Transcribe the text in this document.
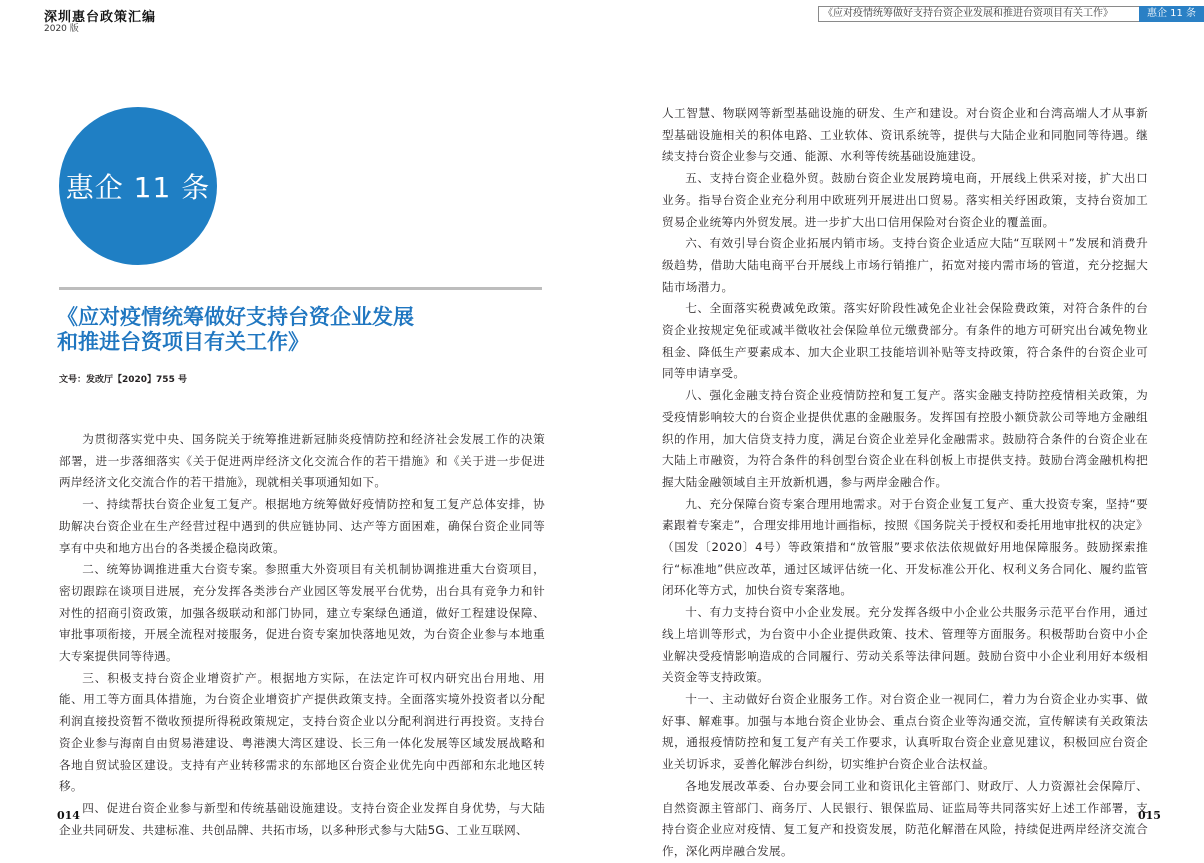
深圳惠台政策汇编
2020 版
惠企 11 条
《应对疫情统筹做好支持台资企业发展
和推进台资项目有关工作》
文号：发改厅【2020】755 号

为贯彻落实党中央、国务院关于统筹推进新冠肺炎疫情防控和经济社会发展工作的决策部署，进一步落细落实《关于促进两岸经济文化交流合作的若干措施》和《关于进一步促进两岸经济文化交流合作的若干措施》，现就相关事项通知如下。

一、持续帮扶台资企业复工复产。根据地方统筹做好疫情防控和复工复产总体安排，协助解决台资企业在生产经营过程中遇到的供应链协同、达产等方面困难，确保台资企业同等享有中央和地方出台的各类援企稳岗政策。

二、统筹协调推进重大台资专案。参照重大外资项目有关机制协调推进重大台资项目，密切跟踪在谈项目进展，充分发挥各类涉台产业园区等发展平台优势，出台具有竞争力和针对性的招商引资政策，加强各级联动和部门协同，建立专案绿色通道，做好工程建设保障、审批事项衔接，开展全流程对接服务，促进台资专案加快落地见效，为台资企业参与本地重大专案提供同等待遇。

三、积极支持台资企业增资扩产。根据地方实际，在法定许可权内研究出台用地、用能、用工等方面具体措施，为台资企业增资扩产提供政策支持。全面落实境外投资者以分配利润直接投资暂不徵收预提所得税政策规定，支持台资企业以分配利润进行再投资。支持台资企业参与海南自由贸易港建设、粤港澳大湾区建设、长三角一体化发展等区域发展战略和各地自贸试验区建设。支持有产业转移需求的东部地区台资企业优先向中西部和东北地区转移。

四、促进台资企业参与新型和传统基础设施建设。支持台资企业发挥自身优势，与大陆企业共同研发、共建标准、共创品牌、共拓市场，以多种形式参与大陆5G、工业互联网、

014
《应对疫情统筹做好支持台资企业发展和推进台资项目有关工作》	惠企 11 条

人工智慧、物联网等新型基础设施的研发、生产和建设。对台资企业和台湾高端人才从事新型基础设施相关的积体电路、工业软体、资讯系统等，提供与大陆企业和同胞同等待遇。继续支持台资企业参与交通、能源、水利等传统基础设施建设。

五、支持台资企业稳外贸。鼓励台资企业发展跨境电商，开展线上供采对接，扩大出口业务。指导台资企业充分利用中欧班列开展进出口贸易。落实相关纾困政策，支持台资加工贸易企业统筹内外贸发展。进一步扩大出口信用保险对台资企业的覆盖面。

六、有效引导台资企业拓展内销市场。支持台资企业适应大陆“互联网＋”发展和消费升级趋势，借助大陆电商平台开展线上市场行销推广，拓宽对接内需市场的管道，充分挖掘大陆市场潜力。

七、全面落实税费减免政策。落实好阶段性减免企业社会保险费政策，对符合条件的台资企业按规定免征或减半徵收社会保险单位元缴费部分。有条件的地方可研究出台减免物业租金、降低生产要素成本、加大企业职工技能培训补贴等支持政策，符合条件的台资企业可同等申请享受。

八、强化金融支持台资企业疫情防控和复工复产。落实金融支持防控疫情相关政策，为受疫情影响较大的台资企业提供优惠的金融服务。发挥国有控股小额贷款公司等地方金融组织的作用，加大信贷支持力度，满足台资企业差异化金融需求。鼓励符合条件的台资企业在大陆上市融资，为符合条件的科创型台资企业在科创板上市提供支持。鼓励台湾金融机构把握大陆金融领域自主开放新机遇，参与两岸金融合作。

九、充分保障台资专案合理用地需求。对于台资企业复工复产、重大投资专案，坚持“要素跟着专案走”，合理安排用地计画指标，按照《国务院关于授权和委托用地审批权的决定》（国发〔2020〕4号）等政策措和“放管服”要求依法依规做好用地保障服务。鼓励探索推行“标准地”供应改革，通过区域评估统一化、开发标准公开化、权利义务合同化、履约监管闭环化等方式，加快台资专案落地。

十、有力支持台资中小企业发展。充分发挥各级中小企业公共服务示范平台作用，通过线上培训等形式，为台资中小企业提供政策、技术、管理等方面服务。积极帮助台资中小企业解决受疫情影响造成的合同履行、劳动关系等法律问题。鼓励台资中小企业利用好本级相关资金等支持政策。

十一、主动做好台资企业服务工作。对台资企业一视同仁，着力为台资企业办实事、做好事、解难事。加强与本地台资企业协会、重点台资企业等沟通交流，宣传解读有关政策法规，通报疫情防控和复工复产有关工作要求，认真听取台资企业意见建议，积极回应台资企业关切诉求，妥善化解涉台纠纷，切实维护台资企业合法权益。

各地发展改革委、台办要会同工业和资讯化主管部门、财政厅、人力资源社会保障厅、自然资源主管部门、商务厅、人民银行、银保监局、证监局等共同落实好上述工作部署，支持台资企业应对疫情、复工复产和投资发展，防范化解潜在风险，持续促进两岸经济交流合作，深化两岸融合发展。

015
